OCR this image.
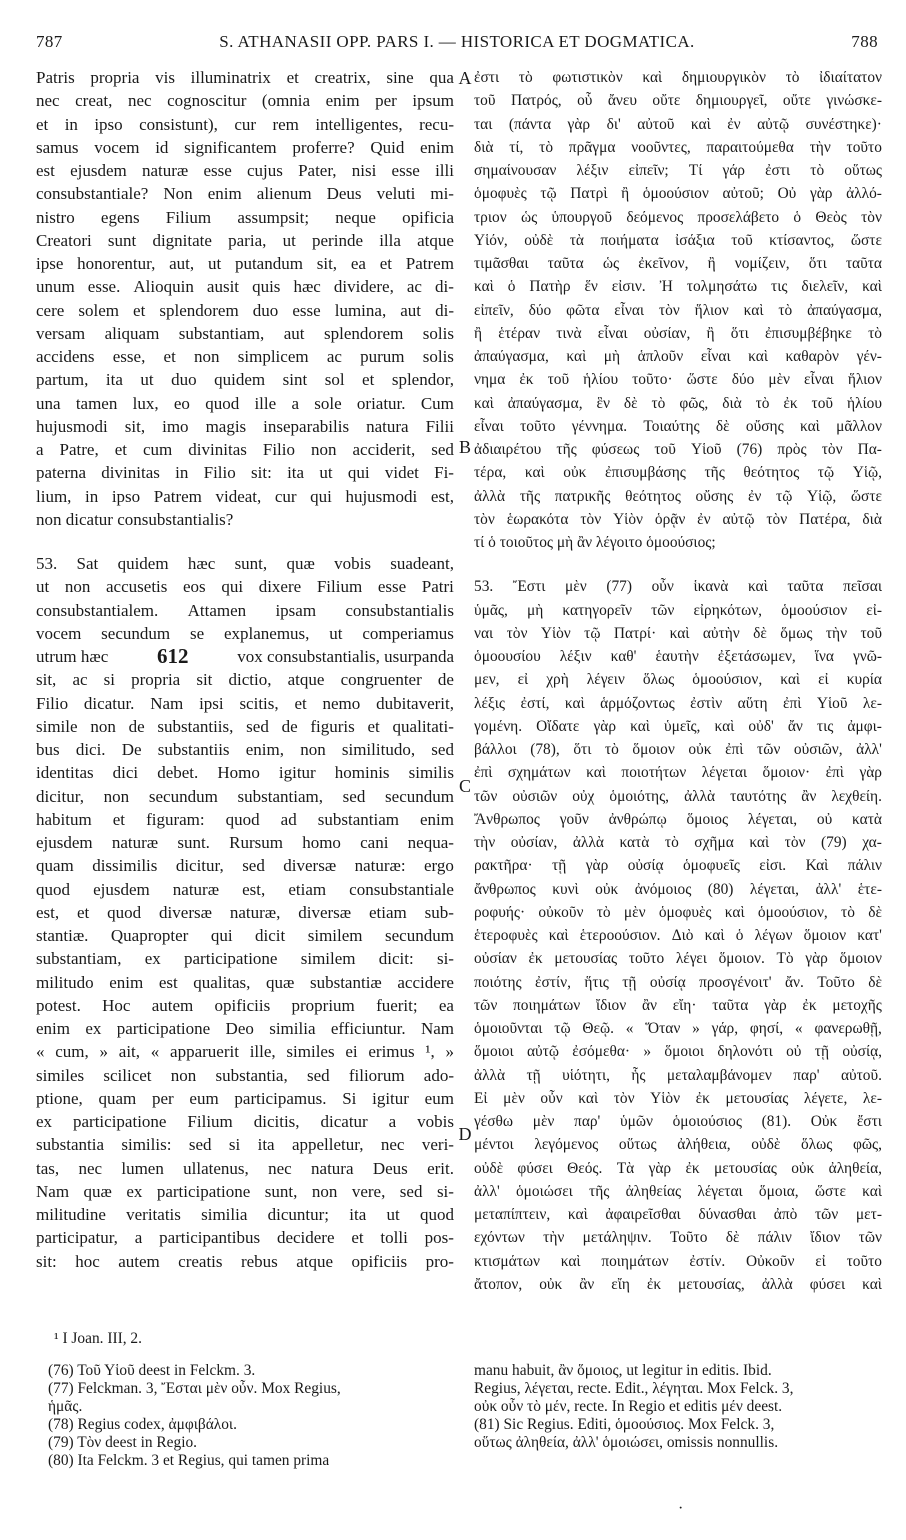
787	S. ATHANASII OPP. PARS I. — HISTORICA ET DOGMATICA.	788
Patris propria vis illuminatrix et creatrix, sine qua
nec creat, nec cognoscitur (omnia enim per ipsum
et in ipso consistunt), cur rem intelligentes, recu-
samus vocem id significantem proferre? Quid enim
est ejusdem naturæ esse cujus Pater, nisi esse illi
consubstantiale? Non enim alienum Deus veluti mi-
nistro egens Filium assumpsit; neque opificia
Creatori sunt dignitate paria, ut perinde illa atque
ipse honorentur, aut, ut putandum sit, ea et Patrem
unum esse. Alioquin ausit quis hæc dividere, ac di-
cere solem et splendorem duo esse lumina, aut di-
versam aliquam substantiam, aut splendorem solis
accidens esse, et non simplicem ac purum solis
partum, ita ut duo quidem sint sol et splendor,
una tamen lux, eo quod ille a sole oriatur. Cum
hujusmodi sit, imo magis inseparabilis natura Filii
a Patre, et cum divinitas Filio non acciderit, sed
paterna divinitas in Filio sit: ita ut qui videt Fi-
lium, in ipso Patrem videat, cur qui hujusmodi est,
non dicatur consubstantialis?
53. Sat quidem hæc sunt, quæ vobis suadeant,
ut non accusetis eos qui dixere Filium esse Patri
consubstantialem. Attamen ipsam consubstantialis
vocem secundum se explanemus, ut comperiamus
utrum hæc 612	vox consubstantialis, usurpanda
sit, ac si propria sit dictio, atque congruenter de
Filio dicatur. Nam ipsi scitis, et nemo dubitaverit,
simile non de substantiis, sed de figuris et qualitati-
bus dici. De substantiis enim, non similitudo, sed
identitas dici debet. Homo igitur hominis similis
dicitur, non secundum substantiam, sed secundum
habitum et figuram: quod ad substantiam enim
ejusdem naturæ sunt. Rursum homo cani nequa-
quam dissimilis dicitur, sed diversæ naturæ: ergo
quod ejusdem naturæ est, etiam consubstantiale
est, et quod diversæ naturæ, diversæ etiam sub-
stantiæ. Quapropter qui dicit similem secundum
substantiam, ex participatione similem dicit: si-
militudo enim est qualitas, quæ substantiæ accidere
potest. Hoc autem opificiis proprium fuerit; ea
enim ex participatione Deo similia efficiuntur. Nam
« cum, » ait, « apparuerit ille, similes ei erimus ¹, »
similes scilicet non substantia, sed filiorum ado-
ptione, quam per eum participamus. Si igitur eum
ex participatione Filium dicitis, dicatur a vobis
substantia similis: sed si ita appelletur, nec veri-
tas, nec lumen ullatenus, nec natura Deus erit.
Nam quæ ex participatione sunt, non vere, sed si-
militudine veritatis similia dicuntur; ita ut quod
participatur, a participantibus decidere et tolli pos-
sit: hoc autem creatis rebus atque opificiis pro-
ἐστι τὸ φωτιστικὸν καὶ δημιουργικὸν τὸ ἰδιαίτατον
τοῦ Πατρός, οὗ ἄνευ οὔτε δημιουργεῖ, οὔτε γινώσκε-
ται (πάντα γὰρ δι' αὐτοῦ καὶ ἐν αὐτῷ συνέστηκε)·
διὰ τί, τὸ πρᾶγμα νοοῦντες, παραιτούμεθα τὴν τοῦτο
σημαίνουσαν λέξιν εἰπεῖν; Τί γάρ ἐστι τὸ οὕτως
ὁμοφυὲς τῷ Πατρὶ ἢ ὁμοούσιον αὐτοῦ; Οὐ γὰρ ἀλλό-
τριον ὡς ὑπουργοῦ δεόμενος προσελάβετο ὁ Θεὸς τὸν
Υἱόν, οὐδὲ τὰ ποιήματα ἰσάξια τοῦ κτίσαντος, ὥστε
τιμᾶσθαι ταῦτα ὡς ἐκεῖνον, ἢ νομίζειν, ὅτι ταῦτα
καὶ ὁ Πατὴρ ἕν εἰσιν. Ἠ τολμησάτω τις διελεῖν, καὶ
εἰπεῖν, δύο φῶτα εἶναι τὸν ἥλιον καὶ τὸ ἀπαύγασμα,
ἢ ἑτέραν τινὰ εἶναι οὐσίαν, ἢ ὅτι ἐπισυμβέβηκε τὸ
ἀπαύγασμα, καὶ μὴ ἁπλοῦν εἶναι καὶ καθαρὸν γέν-
νημα ἐκ τοῦ ἡλίου τοῦτο· ὥστε δύο μὲν εἶναι ἥλιον
καὶ ἀπαύγασμα, ἓν δὲ τὸ φῶς, διὰ τὸ ἐκ τοῦ ἡλίου
εἶναι τοῦτο γέννημα. Τοιαύτης δὲ οὔσης καὶ μᾶλλον
ἀδιαιρέτου τῆς φύσεως τοῦ Υἱοῦ (76) πρὸς τὸν Πα-
τέρα, καὶ οὐκ ἐπισυμβάσης τῆς θεότητος τῷ Υἱῷ,
ἀλλὰ τῆς πατρικῆς θεότητος οὔσης ἐν τῷ Υἱῷ, ὥστε
τὸν ἑωρακότα τὸν Υἱὸν ὁρᾷν ἐν αὐτῷ τὸν Πατέρα, διὰ
τί ὁ τοιοῦτος μὴ ἂν λέγοιτο ὁμοούσιος;
53. Ἔστι μὲν (77) οὖν ἱκανὰ καὶ ταῦτα πεῖσαι
ὑμᾶς, μὴ κατηγορεῖν τῶν εἰρηκότων, ὁμοούσιον εἰ-
ναι τὸν Υἱὸν τῷ Πατρί· καὶ αὐτὴν δὲ ὅμως τὴν τοῦ
ὁμοουσίου λέξιν καθ' ἑαυτὴν ἐξετάσωμεν, ἵνα γνῶ-
μεν, εἰ χρὴ λέγειν ὅλως ὁμοούσιον, καὶ εἰ κυρία
λέξις ἐστί, καὶ ἁρμόζοντως ἐστὶν αὕτη ἐπὶ Υἱοῦ λε-
γομένη. Οἴδατε γὰρ καὶ ὑμεῖς, καὶ οὐδ' ἄν τις ἀμφι-
βάλλοι (78), ὅτι τὸ ὅμοιον οὐκ ἐπὶ τῶν οὐσιῶν, ἀλλ'
ἐπὶ σχημάτων καὶ ποιοτήτων λέγεται ὅμοιον· ἐπὶ γὰρ
τῶν οὐσιῶν οὐχ ὁμοιότης, ἀλλὰ ταυτότης ἂν λεχθείη.
Ἄνθρωπος γοῦν ἀνθρώπῳ ὅμοιος λέγεται, οὐ κατὰ
τὴν οὐσίαν, ἀλλὰ κατὰ τὸ σχῆμα καὶ τὸν (79) χα-
ρακτῆρα· τῇ γὰρ οὐσίᾳ ὁμοφυεῖς εἰσι. Καὶ πάλιν
ἄνθρωπος κυνὶ οὐκ ἀνόμοιος (80) λέγεται, ἀλλ' ἑτε-
ροφυής· οὐκοῦν τὸ μὲν ὁμοφυὲς καὶ ὁμοούσιον, τὸ δὲ
ἑτεροφυὲς καὶ ἑτεροούσιον. Διὸ καὶ ὁ λέγων ὅμοιον κατ'
οὐσίαν ἐκ μετουσίας τοῦτο λέγει ὅμοιον. Τὸ γὰρ ὅμοιον
ποιότης ἐστίν, ἥτις τῇ οὐσίᾳ προσγένοιτ' ἄν. Τοῦτο δὲ
τῶν ποιημάτων ἴδιον ἂν εἴη· ταῦτα γὰρ ἐκ μετοχῆς
ὁμοιοῦνται τῷ Θεῷ. « Ὅταν » γάρ, φησί, « φανερωθῇ,
ὅμοιοι αὐτῷ ἐσόμεθα· » ὅμοιοι δηλονότι οὐ τῇ οὐσίᾳ,
ἀλλὰ τῇ υἱότητι, ἧς μεταλαμβάνομεν παρ' αὐτοῦ.
Εἰ μὲν οὖν καὶ τὸν Υἱὸν ἐκ μετουσίας λέγετε, λε-
γέσθω μὲν παρ' ὑμῶν ὁμοιούσιος (81). Οὐκ ἔστι
μέντοι λεγόμενος οὕτως ἀλήθεια, οὐδὲ ὅλως φῶς,
οὐδὲ φύσει Θεός. Τὰ γὰρ ἐκ μετουσίας οὐκ ἀληθεία,
ἀλλ' ὁμοιώσει τῆς ἀληθείας λέγεται ὅμοια, ὥστε καὶ
μεταπίπτειν, καὶ ἀφαιρεῖσθαι δύνασθαι ἀπὸ τῶν μετ-
εχόντων τὴν μετάληψιν. Τοῦτο δὲ πάλιν ἴδιον τῶν
κτισμάτων καὶ ποιημάτων ἐστίν. Οὐκοῦν εἰ τοῦτο
ἄτοπον, οὐκ ἂν εἴη ἐκ μετουσίας, ἀλλὰ φύσει καὶ
A
B
C
D
¹ I Joan. III, 2.
(76) Τοῦ Υἱοῦ deest in Felckm. 3.
(77) Felckman. 3, Ἔσται μὲν οὖν. Mox Regius,
ἡμᾶς.
(78) Regius codex, ἀμφιβάλοι.
(79) Τὸν deest in Regio.
(80) Ita Felckm. 3 et Regius, qui tamen prima
manu habuit, ἂν ὅμοιος, ut legitur in editis. Ibid.
Regius, λέγεται, recte. Edit., λέγηται. Mox Felck. 3,
οὐκ οὖν τὸ μέν, recte. In Regio et editis μέν deest.
(81) Sic Regius. Editi, ὁμοούσιος. Mox Felck. 3,
οὕτως ἀληθεία, ἀλλ' ὁμοιώσει, omissis nonnullis.
·
